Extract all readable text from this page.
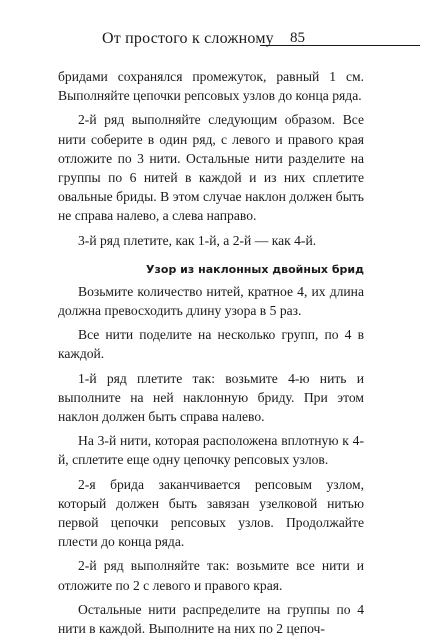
От простого к сложному 85

бридами сохранялся промежуток, равный 1 см. Выполняйте цепочки репсовых узлов до конца ряда.

2-й ряд выполняйте следующим образом. Все нити соберите в один ряд, с левого и правого края отложите по 3 нити. Остальные нити разделите на группы по 6 нитей в каждой и из них сплетите овальные бриды. В этом случае наклон должен быть не справа налево, а слева направо.

3-й ряд плетите, как 1-й, а 2-й — как 4-й.

Узор из наклонных двойных брид

Возьмите количество нитей, кратное 4, их длина должна превосходить длину узора в 5 раз.

Все нити поделите на несколько групп, по 4 в каждой.

1-й ряд плетите так: возьмите 4-ю нить и выполните на ней наклонную бриду. При этом наклон должен быть справа налево.

На 3-й нити, которая расположена вплотную к 4-й, сплетите еще одну цепочку репсовых узлов.

2-я брида заканчивается репсовым узлом, который должен быть завязан узелковой нитью первой цепочки репсовых узлов. Продолжайте плести до конца ряда.

2-й ряд выполняйте так: возьмите все нити и отложите по 2 с левого и правого края.

Остальные нити распределите на группы по 4 нити в каждой. Выполните на них по 2 цепоч-
